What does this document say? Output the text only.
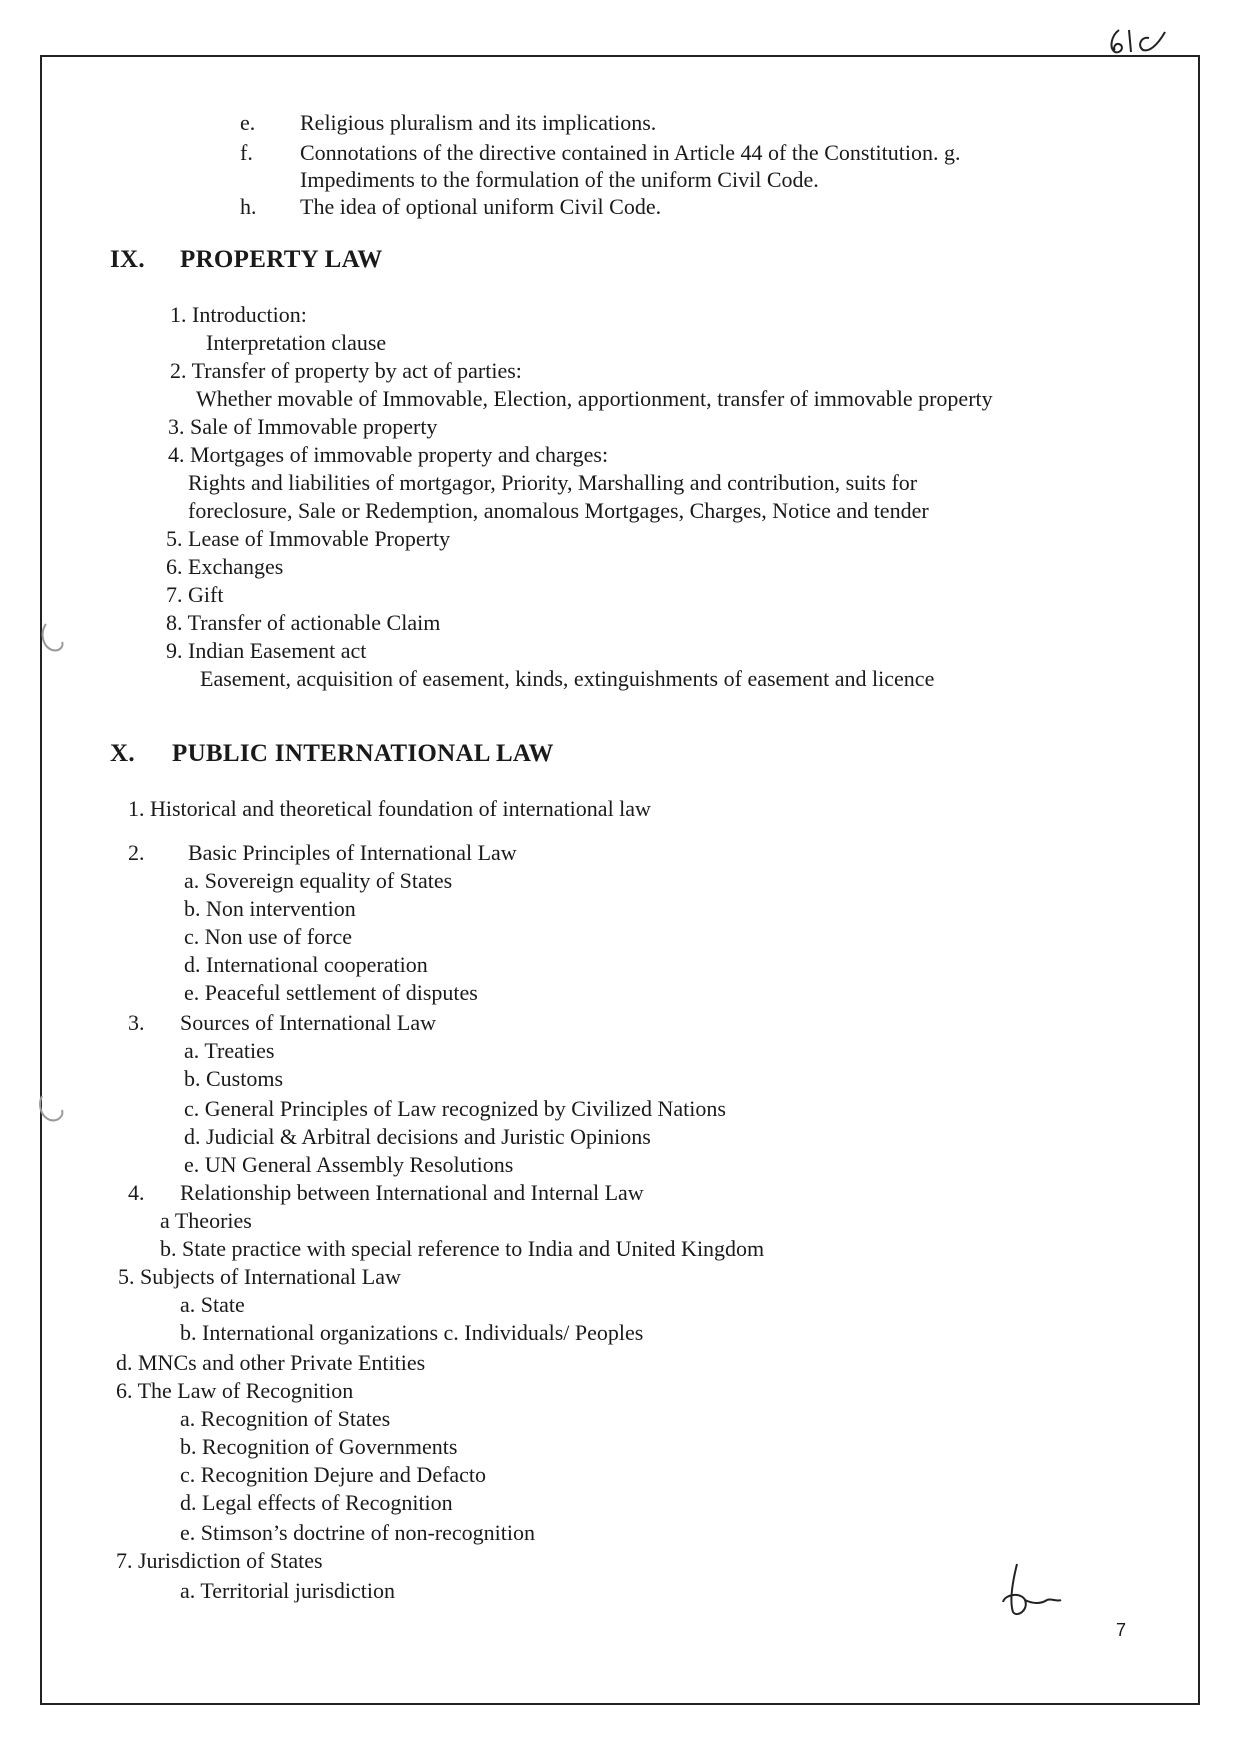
e. Religious pluralism and its implications.
f. Connotations of the directive contained in Article 44 of the Constitution. g.
Impediments to the formulation of the uniform Civil Code.
h. The idea of optional uniform Civil Code.
IX. PROPERTY LAW
1. Introduction:
Interpretation clause
2. Transfer of property by act of parties:
Whether movable of Immovable, Election, apportionment, transfer of immovable property
3. Sale of Immovable property
4. Mortgages of immovable property and charges:
Rights and liabilities of mortgagor, Priority, Marshalling and contribution, suits for
foreclosure, Sale or Redemption, anomalous Mortgages, Charges, Notice and tender
5. Lease of Immovable Property
6. Exchanges
7. Gift
8. Transfer of actionable Claim
9. Indian Easement act
Easement, acquisition of easement, kinds, extinguishments of easement and licence
X. PUBLIC INTERNATIONAL LAW
1. Historical and theoretical foundation of international law
2. Basic Principles of International Law
a. Sovereign equality of States
b. Non intervention
c. Non use of force
d. International cooperation
e. Peaceful settlement of disputes
3. Sources of International Law
a. Treaties
b. Customs
c. General Principles of Law recognized by Civilized Nations
d. Judicial & Arbitral decisions and Juristic Opinions
e. UN General Assembly Resolutions
4. Relationship between International and Internal Law
a Theories
b. State practice with special reference to India and United Kingdom
5. Subjects of International Law
a. State
b. International organizations c. Individuals/ Peoples
d. MNCs and other Private Entities
6. The Law of Recognition
a. Recognition of States
b. Recognition of Governments
c. Recognition Dejure and Defacto
d. Legal effects of Recognition
e. Stimson’s doctrine of non-recognition
7. Jurisdiction of States
a. Territorial jurisdiction
7
